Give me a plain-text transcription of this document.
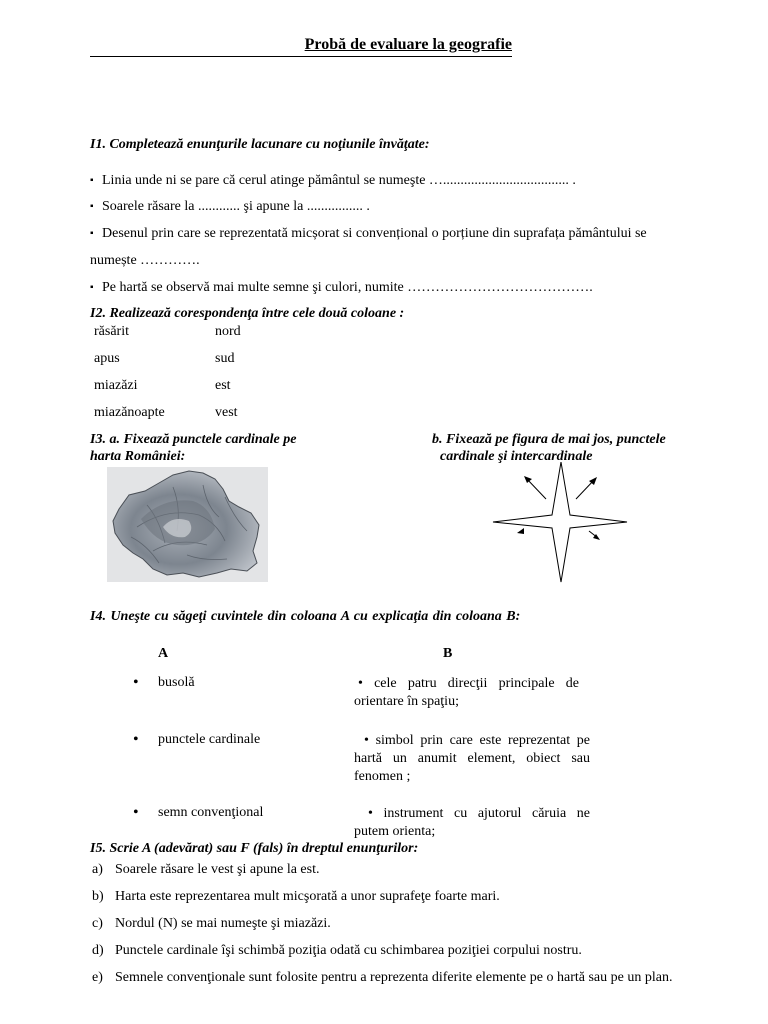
Probă de evaluare la geografie
I1. Completează enunţurile lacunare cu noţiunile învăţate:
▪ Linia unde ni se pare că cerul atinge pământul se numeşte ….................................... .
▪ Soarele răsare la ............ şi apune la ................ .
▪ Desenul prin care se reprezentată micșorat si convențional o porțiune din suprafața pământului se
numește ………….
▪ Pe hartă se observă mai multe semne şi culori, numite ………………………………….
I2. Realizează corespondenţa între cele două coloane :
răsărit
apus
miazăzi
miazănoapte
nord
sud
est
vest
I3. a. Fixează punctele cardinale pe
harta României:
b. Fixează pe figura de mai jos, punctele
cardinale şi intercardinale
I4. Uneşte cu săgeţi cuvintele din coloana A cu explicaţia din coloana B:
A	B
• busolă
• punctele cardinale
• semn convenţional
• cele patru direcţii principale de orientare în spaţiu;
• simbol prin care este reprezentat pe hartă un anumit element, obiect sau fenomen ;
• instrument cu ajutorul căruia ne putem orienta;
I5. Scrie A (adevărat) sau F (fals) în dreptul enunţurilor:
a) Soarele răsare le vest şi apune la est.
b) Harta este reprezentarea mult micşorată a unor suprafeţe foarte mari.
c) Nordul (N) se mai numeşte şi miazăzi.
d) Punctele cardinale îşi schimbă poziţia odată cu schimbarea poziţiei corpului nostru.
e) Semnele convenţionale sunt folosite pentru a reprezenta diferite elemente pe o hartă sau pe un plan.
